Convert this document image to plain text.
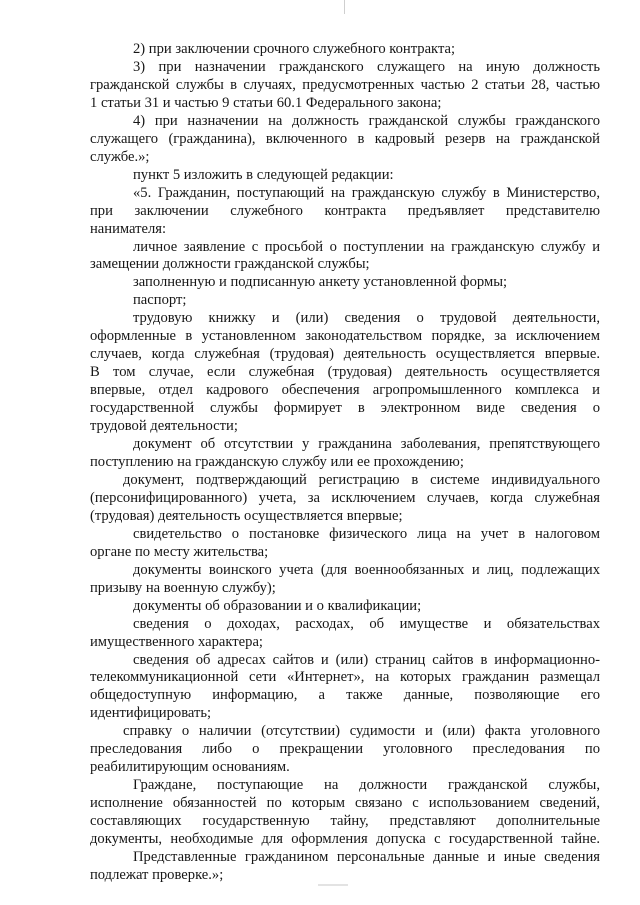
2) при заключении срочного служебного контракта;
3) при назначении гражданского служащего на иную должность
гражданской службы в случаях, предусмотренных частью 2 статьи 28, частью
1 статьи 31 и частью 9 статьи 60.1 Федерального закона;
4) при назначении на должность гражданской службы гражданского
служащего (гражданина), включенного в кадровый резерв на гражданской
службе.»;
пункт 5 изложить в следующей редакции:
«5. Гражданин, поступающий на гражданскую службу в Министерство,
при заключении служебного контракта предъявляет представителю
нанимателя:
личное заявление с просьбой о поступлении на гражданскую службу и
замещении должности гражданской службы;
заполненную и подписанную анкету установленной формы;
паспорт;
трудовую книжку и (или) сведения о трудовой деятельности,
оформленные в установленном законодательством порядке, за исключением
случаев, когда служебная (трудовая) деятельность осуществляется впервые.
В том случае, если служебная (трудовая) деятельность осуществляется
впервые, отдел кадрового обеспечения агропромышленного комплекса и
государственной службы формирует в электронном виде сведения о
трудовой деятельности;
документ об отсутствии у гражданина заболевания, препятствующего
поступлению на гражданскую службу или ее прохождению;
документ, подтверждающий регистрацию в системе индивидуального
(персонифицированного) учета, за исключением случаев, когда служебная
(трудовая) деятельность осуществляется впервые;
свидетельство о постановке физического лица на учет в налоговом
органе по месту жительства;
документы воинского учета (для военнообязанных и лиц, подлежащих
призыву на военную службу);
документы об образовании и о квалификации;
сведения о доходах, расходах, об имуществе и обязательствах
имущественного характера;
сведения об адресах сайтов и (или) страниц сайтов в информационно-
телекоммуникационной сети «Интернет», на которых гражданин размещал
общедоступную информацию, а также данные, позволяющие его
идентифицировать;
справку о наличии (отсутствии) судимости и (или) факта уголовного
преследования либо о прекращении уголовного преследования по
реабилитирующим основаниям.
Граждане, поступающие на должности гражданской службы,
исполнение обязанностей по которым связано с использованием сведений,
составляющих государственную тайну, представляют дополнительные
документы, необходимые для оформления допуска с государственной тайне.
Представленные гражданином персональные данные и иные сведения
подлежат проверке.»;
